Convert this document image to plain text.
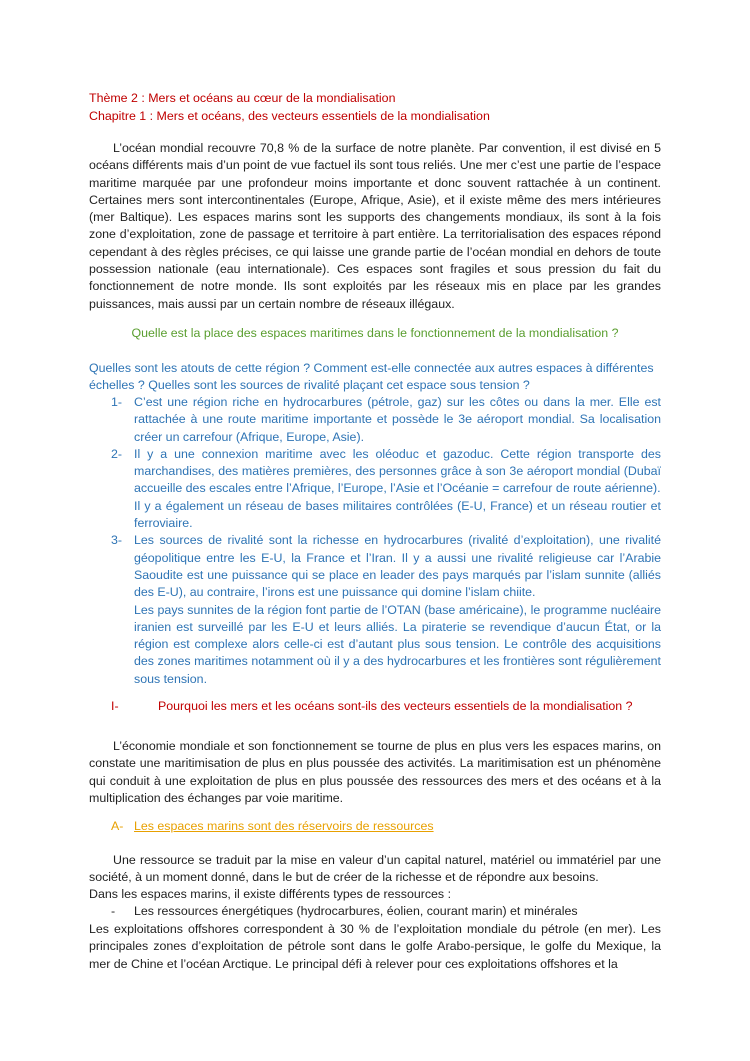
Thème 2 : Mers et océans au cœur de la mondialisation
Chapitre 1 : Mers et océans, des vecteurs essentiels de la mondialisation

L’océan mondial recouvre 70,8 % de la surface de notre planète. Par convention, il est divisé en 5 océans différents mais d’un point de vue factuel ils sont tous reliés. Une mer c’est une partie de l’espace maritime marquée par une profondeur moins importante et donc souvent rattachée à un continent. Certaines mers sont intercontinentales (Europe, Afrique, Asie), et il existe même des mers intérieures (mer Baltique). Les espaces marins sont les supports des changements mondiaux, ils sont à la fois zone d’exploitation, zone de passage et territoire à part entière. La territorialisation des espaces répond cependant à des règles précises, ce qui laisse une grande partie de l’océan mondial en dehors de toute possession nationale (eau internationale). Ces espaces sont fragiles et sous pression du fait du fonctionnement de notre monde. Ils sont exploités par les réseaux mis en place par les grandes puissances, mais aussi par un certain nombre de réseaux illégaux.

Quelle est la place des espaces maritimes dans le fonctionnement de la mondialisation ?

Quelles sont les atouts de cette région ? Comment est-elle connectée aux autres espaces à différentes échelles ? Quelles sont les sources de rivalité plaçant cet espace sous tension ?

1- C’est une région riche en hydrocarbures (pétrole, gaz) sur les côtes ou dans la mer. Elle est rattachée à une route maritime importante et possède le 3e aéroport mondial. Sa localisation créer un carrefour (Afrique, Europe, Asie).
2- Il y a une connexion maritime avec les oléoduc et gazoduc. Cette région transporte des marchandises, des matières premières, des personnes grâce à son 3e aéroport mondial (Dubaï accueille des escales entre l’Afrique, l’Europe, l’Asie et l’Océanie = carrefour de route aérienne).
Il y a également un réseau de bases militaires contrôlées (E-U, France) et un réseau routier et ferroviaire.
3- Les sources de rivalité sont la richesse en hydrocarbures (rivalité d’exploitation), une rivalité géopolitique entre les E-U, la France et l’Iran. Il y a aussi une rivalité religieuse car l’Arabie Saoudite est une puissance qui se place en leader des pays marqués par l’islam sunnite (alliés des E-U), au contraire, l’irons est une puissance qui domine l’islam chiite.
Les pays sunnites de la région font partie de l’OTAN (base américaine), le programme nucléaire iranien est surveillé par les E-U et leurs alliés. La piraterie se revendique d’aucun État, or la région est complexe alors celle-ci est d’autant plus sous tension. Le contrôle des acquisitions des zones maritimes notamment où il y a des hydrocarbures et les frontières sont régulièrement sous tension.
I-	Pourquoi les mers et les océans sont-ils des vecteurs essentiels de la mondialisation ?

L’économie mondiale et son fonctionnement se tourne de plus en plus vers les espaces marins, on constate une maritimisation de plus en plus poussée des activités. La maritimisation est un phénomène qui conduit à une exploitation de plus en plus poussée des ressources des mers et des océans et à la multiplication des échanges par voie maritime.

A- Les espaces marins sont des réservoirs de ressources

Une ressource se traduit par la mise en valeur d’un capital naturel, matériel ou immatériel par une société, à un moment donné, dans le but de créer de la richesse et de répondre aux besoins.

Dans les espaces marins, il existe différents types de ressources :
- Les ressources énergétiques (hydrocarbures, éolien, courant marin) et minérales

Les exploitations offshores correspondent à 30 % de l’exploitation mondiale du pétrole (en mer). Les principales zones d’exploitation de pétrole sont dans le golfe Arabo-persique, le golfe du Mexique, la mer de Chine et l’océan Arctique. Le principal défi à relever pour ces exploitations offshores et la
